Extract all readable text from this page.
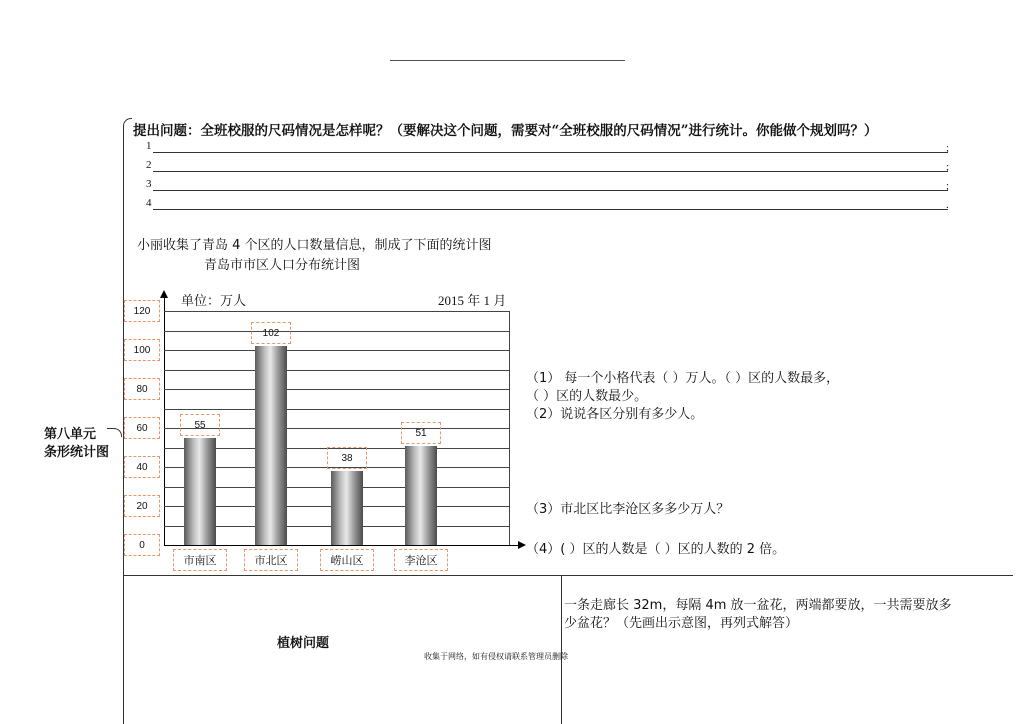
提出问题：全班校服的尺码情况是怎样呢？（要解决这个问题，需要对“全班校服的尺码情况”进行统计。你能做个规划吗？）
1	;
2	;
3	;
4	.
小丽收集了青岛 4 个区的人口数量信息，制成了下面的统计图
青岛市市区人口分布统计图
第八单元
条形统计图
单位：万人	2015 年 1 月
0
20
40
60
80
100
120
55
市南区
102
市北区
38
崂山区
51
李沧区
（1） 每一个小格代表（ ）万人。（ ）区的人数最多，
（ ）区的人数最少。
（2）说说各区分别有多少人。
（3）市北区比李沧区多多少万人？
（4）( ）区的人数是（ ）区的人数的 2 倍。
植树问题
收集于网络，如有侵权请联系管理员删除
一条走廊长 32m，每隔 4m 放一盆花，两端都要放，一共需要放多
少盆花？（先画出示意图，再列式解答）
